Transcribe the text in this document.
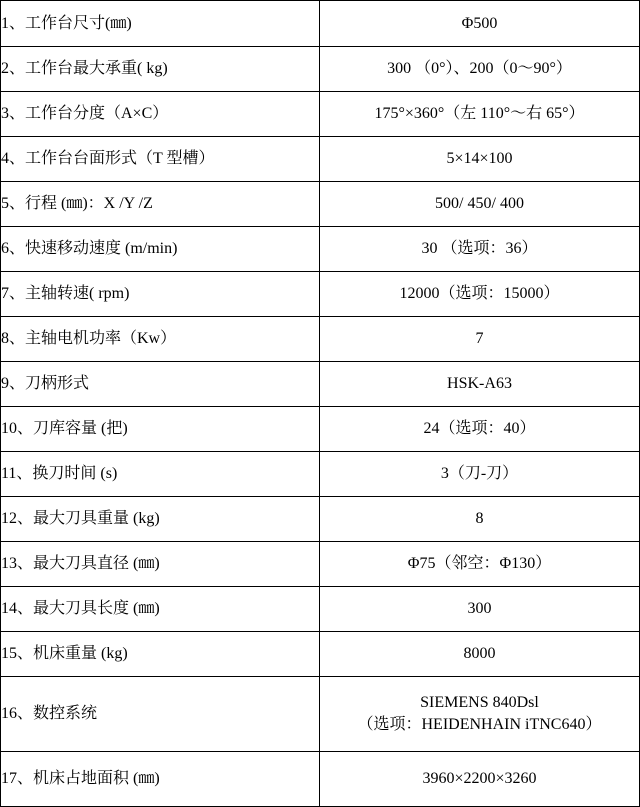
1、工作台尺寸(㎜)	Φ500
2、工作台最大承重( kg)	300 （0°）、200（0～90°）
3、工作台分度（A×C）	175°×360°（左 110°～右 65°）
4、工作台台面形式（T 型槽）	5×14×100
5、行程 (㎜)：X /Y /Z	500/ 450/ 400
6、快速移动速度 (m/min)	30 （选项：36）
7、主轴转速( rpm)	12000（选项：15000）
8、主轴电机功率（Kw）	7
9、刀柄形式	HSK-A63
10、刀库容量 (把)	24（选项：40）
11、换刀时间 (s)	3（刀-刀）
12、最大刀具重量 (kg)	8
13、最大刀具直径 (㎜)	Φ75（邻空：Φ130）
14、最大刀具长度 (㎜)	300
15、机床重量 (kg)	8000
16、数控系统	SIEMENS 840Dsl
（选项：HEIDENHAIN iTNC640）

17、机床占地面积 (㎜)	3960×2200×3260
